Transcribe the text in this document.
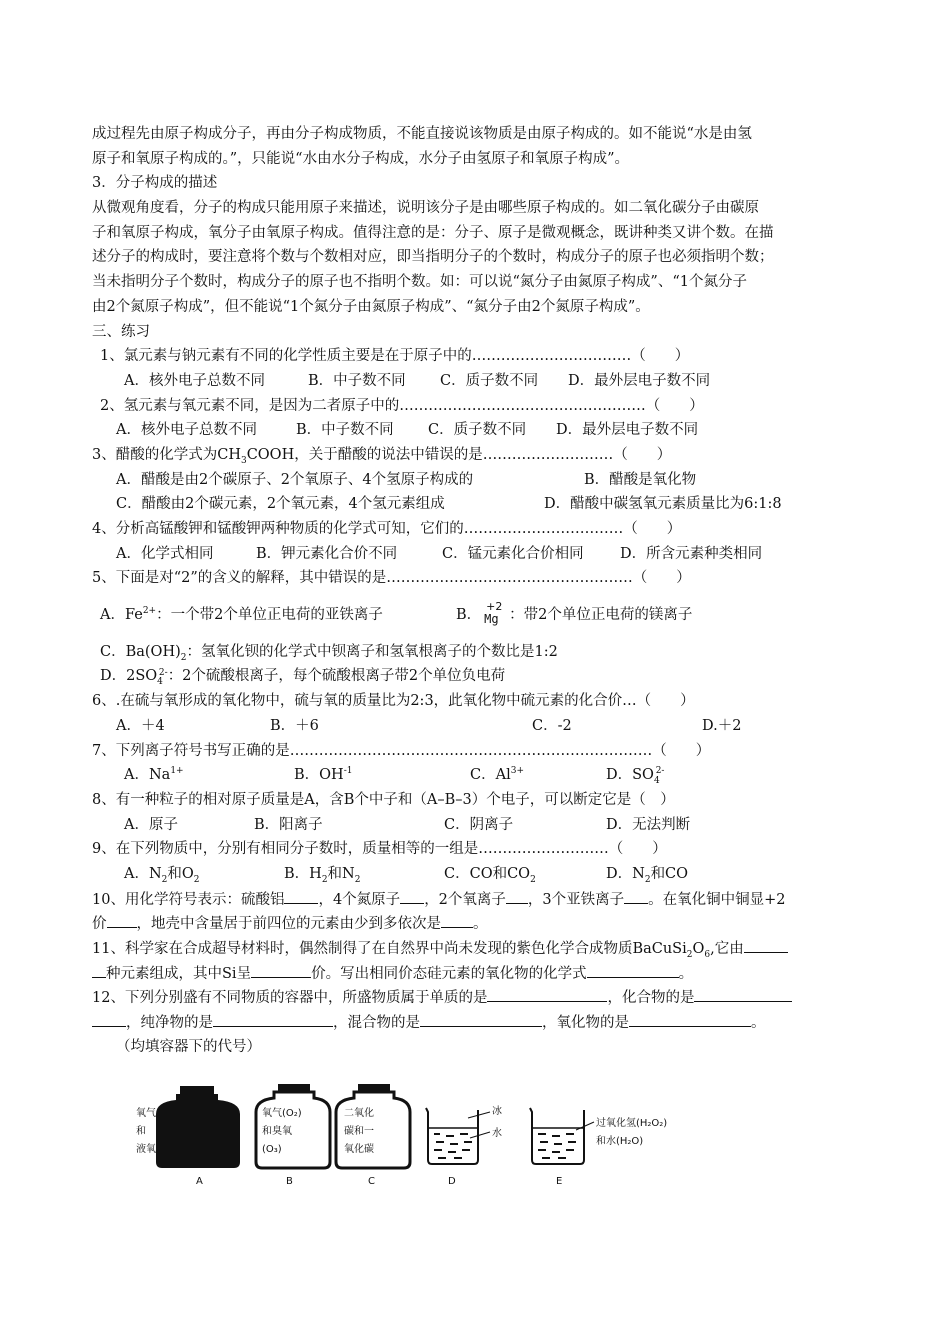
成过程先由原子构成分子，再由分子构成物质，不能直接说该物质是由原子构成的。如不能说“水是由氢
原子和氧原子构成的。”，只能说“水由水分子构成，水分子由氢原子和氧原子构成”。
3．分子构成的描述
从微观角度看，分子的构成只能用原子来描述，说明该分子是由哪些原子构成的。如二氧化碳分子由碳原
子和氧原子构成，氧分子由氧原子构成。值得注意的是：分子、原子是微观概念，既讲种类又讲个数。在描
述分子的构成时，要注意将个数与个数相对应，即当指明分子的个数时，构成分子的原子也必须指明个数；
当未指明分子个数时，构成分子的原子也不指明个数。如：可以说“氮分子由氮原子构成”、“1个氮分子
由2个氮原子构成”，但不能说“1个氮分子由氮原子构成”、“氮分子由2个氮原子构成”。
三、练习
1、氯元素与钠元素有不同的化学性质主要是在于原子中的……………………………（　　）
A．核外电子总数不同	B．中子数不同 C．质子数不同 D．最外层电子数不同
2、氢元素与氧元素不同，是因为二者原子中的……………………………………………（　　）
A．核外电子总数不同	B．中子数不同 C．质子数不同 D．最外层电子数不同
3、醋酸的化学式为$CH_3COOH$，关于醋酸的说法中错误的是………………………（　　）
A．醋酸是由2个碳原子、2个氧原子、4个氢原子构成的	B．醋酸是氧化物
C．醋酸由2个碳元素，2个氧元素，4个氢元素组成	D．醋酸中碳氢氧元素质量比为6:1:8
4、分析高锰酸钾和锰酸钾两种物质的化学式可知，它们的……………………………（　　）
A．化学式相同	B．钾元素化合价不同	C．锰元素化合价相同	D．所含元素种类相同
5、下面是对“2”的含义的解释，其中错误的是……………………………………………（　　）
A．$Fe^{2+}$：一个带2个单位正电荷的亚铁离子	B．
+2
Mg ：带2个单位正电荷的镁离子
C．$Ba(OH)_2$：氢氧化钡的化学式中钡离子和氢氧根离子的个数比是1:2
D．$2SO_4^{2-}$：2个硫酸根离子，每个硫酸根离子带2个单位负电荷
6、.在硫与氧形成的氧化物中，硫与氧的质量比为2:3，此氧化物中硫元素的化合价…（　　）
A．＋4	B．＋6	C．-2	D.＋2
7、下列离子符号书写正确的是…………………………………………………………………（　　）
A．$Na^{1+}$	B．$OH^{-1}$	C．$Al^{3+}$	D．$SO_4^{2-}$
8、有一种粒子的相对原子质量是A，含B个中子和（A–B–3）个电子，可以断定它是（　）
A．原子	B．阳离子	C．阴离子	D．无法判断
9、在下列物质中，分别有相同分子数时，质量相等的一组是………………………（　　）
A．$N_2$和$O_2$	B．$H_2$和$N_2$	C．CO和$CO_2$	D．$N_2$和CO
10、用化学符号表示：硫酸铝 ，4个氮原子 ，2个氧离子 ，3个亚铁离子 。在氧化铜中铜显+2
价 ，地壳中含量居于前四位的元素由少到多依次是 。
11、科学家在合成超导材料时，偶然制得了在自然界中尚未发现的紫色化学合成物质$BaCuSi_2O_6$,它由
种元素组成，其中Si呈	价。写出相同价态硅元素的氧化物的化学式	。
12、下列分别盛有不同物质的容器中，所盛物质属于单质的是	，化合物的是
，纯净物的是	，混合物的是	，氧化物的是	。
（均填容器下的代号）
氧气
和
液氧
A
氧气(O₂)
和臭氧
(O₃)
B
二氧化
碳和一
氧化碳
C
冰
水
D
过氧化氢(H₂O₂)
和水(H₂O)
E
